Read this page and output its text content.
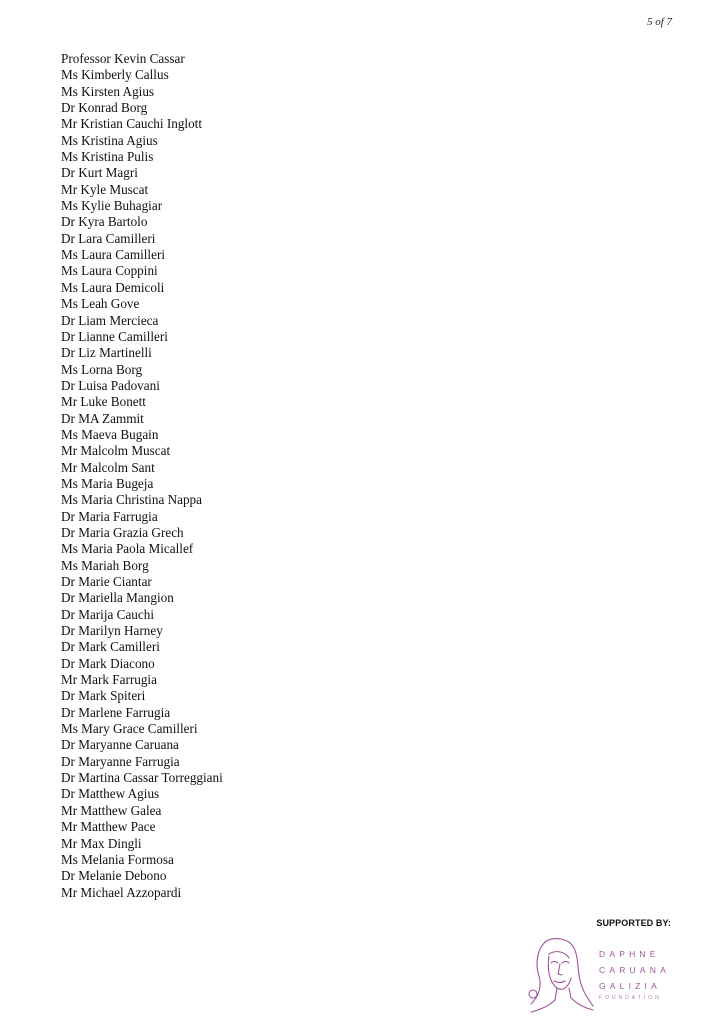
5 of 7
Professor Kevin Cassar
Ms Kimberly Callus
Ms Kirsten Agius
Dr Konrad Borg
Mr Kristian Cauchi Inglott
Ms Kristina Agius
Ms Kristina Pulis
Dr Kurt Magri
Mr Kyle Muscat
Ms Kylie Buhagiar
Dr Kyra Bartolo
Dr Lara Camilleri
Ms Laura Camilleri
Ms Laura Coppini
Ms Laura Demicoli
Ms Leah Gove
Dr Liam Mercieca
Dr Lianne Camilleri
Dr Liz Martinelli
Ms Lorna Borg
Dr Luisa Padovani
Mr Luke Bonett
Dr MA Zammit
Ms Maeva Bugain
Mr Malcolm Muscat
Mr Malcolm Sant
Ms Maria Bugeja
Ms Maria Christina Nappa
Dr Maria Farrugia
Dr Maria Grazia Grech
Ms Maria Paola Micallef
Ms Mariah Borg
Dr Marie Ciantar
Dr Mariella Mangion
Dr Marija Cauchi
Dr Marilyn Harney
Dr Mark Camilleri
Dr Mark Diacono
Mr Mark Farrugia
Dr Mark Spiteri
Dr Marlene Farrugia
Ms Mary Grace Camilleri
Dr Maryanne Caruana
Dr Maryanne Farrugia
Dr Martina Cassar Torreggiani
Dr Matthew Agius
Mr Matthew Galea
Mr Matthew Pace
Mr Max Dingli
Ms Melania Formosa
Dr Melanie Debono
Mr Michael Azzopardi
SUPPORTED BY:
DAPHNE
CARUANA
GALIZIA
FOUNDATION
